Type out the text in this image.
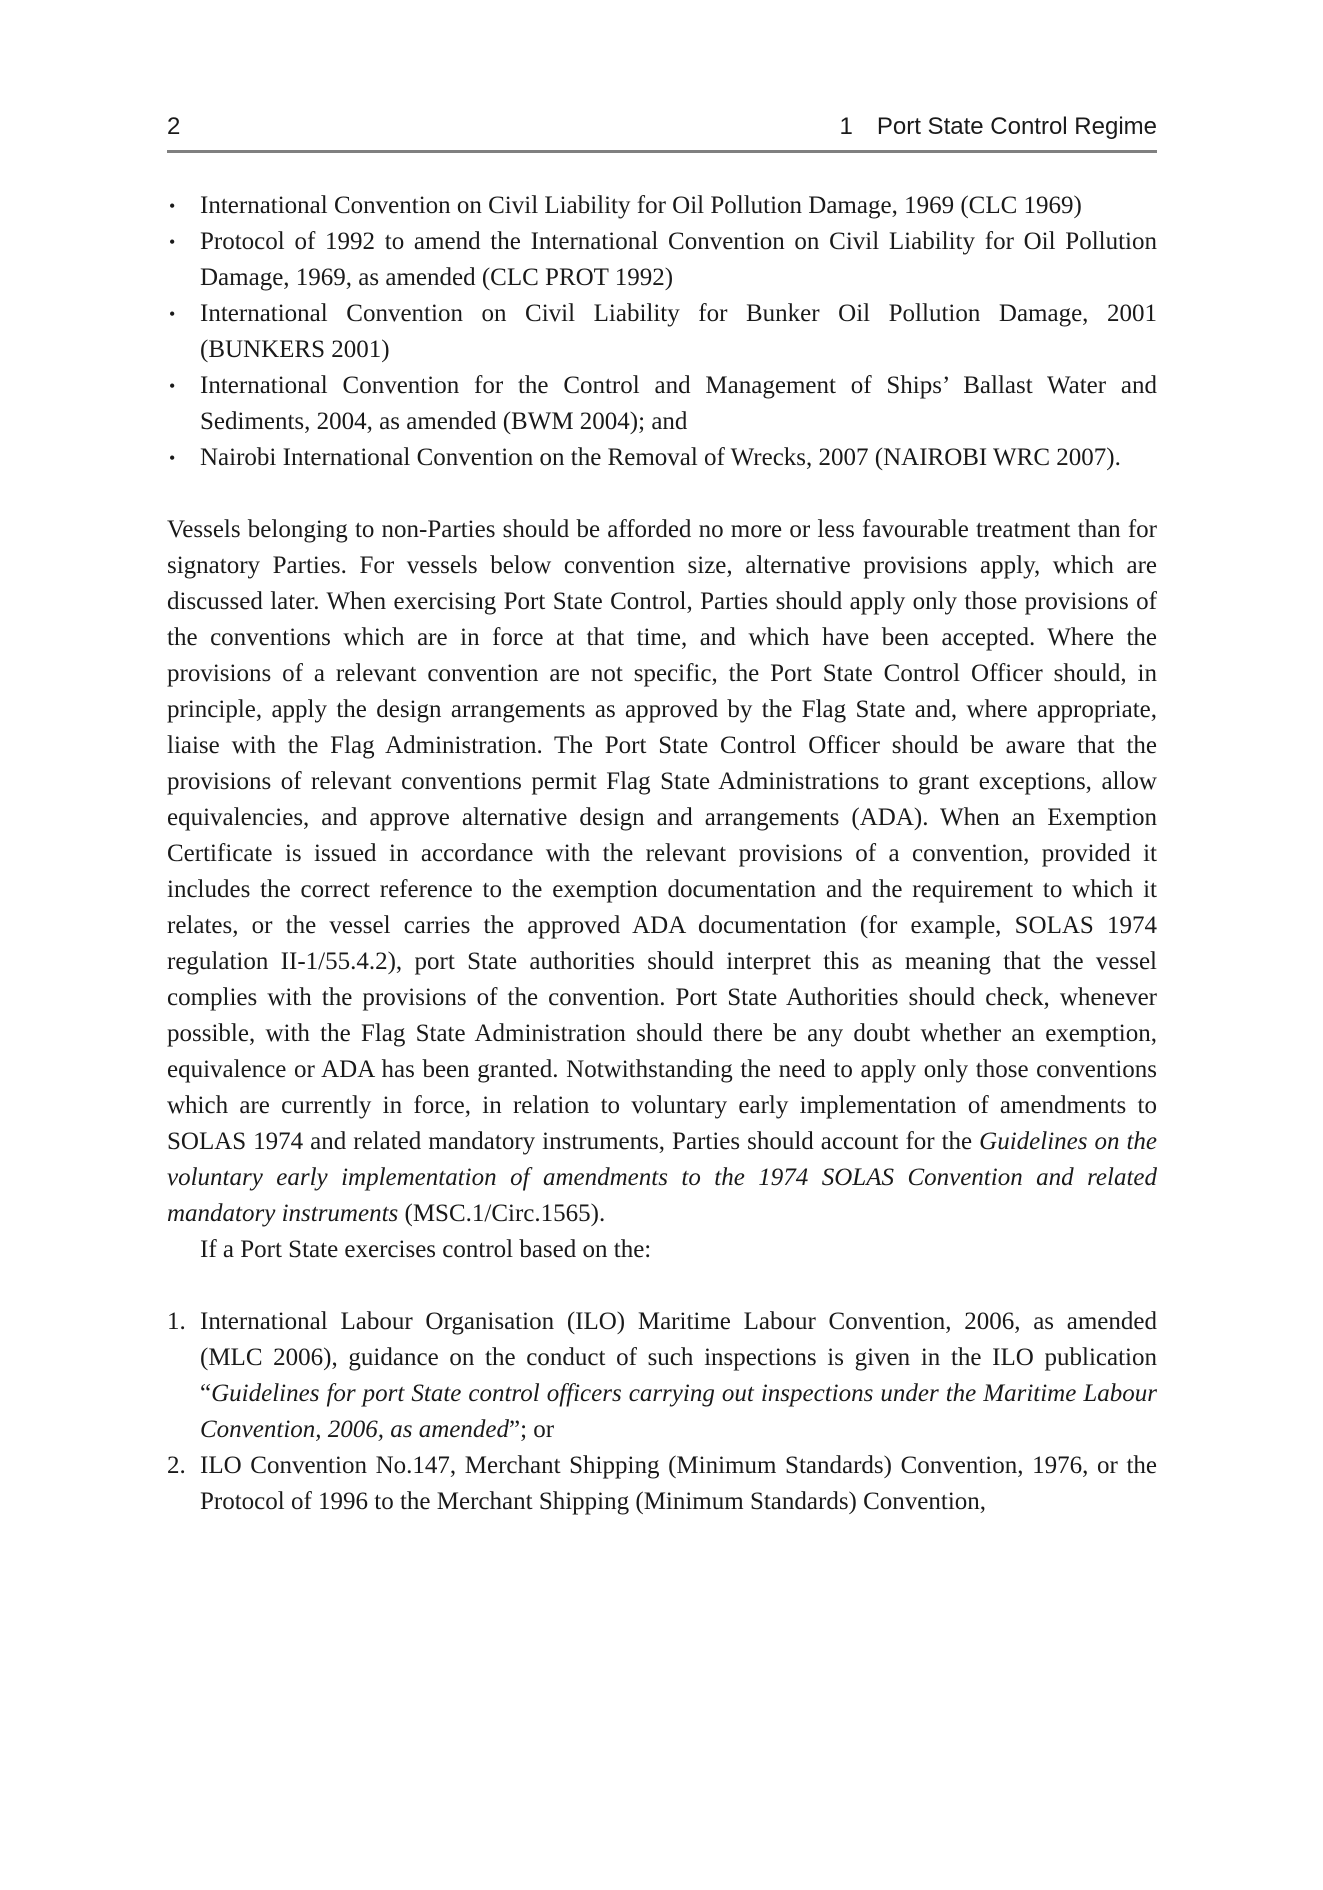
2	1 Port State Control Regime
• International Convention on Civil Liability for Oil Pollution Damage, 1969 (CLC 1969)
• Protocol of 1992 to amend the International Convention on Civil Liability for Oil Pollution Damage, 1969, as amended (CLC PROT 1992)
• International Convention on Civil Liability for Bunker Oil Pollution Damage, 2001 (BUNKERS 2001)
• International Convention for the Control and Management of Ships’ Ballast Water and Sediments, 2004, as amended (BWM 2004); and
• Nairobi International Convention on the Removal of Wrecks, 2007 (NAIROBI WRC 2007).

Vessels belonging to non-Parties should be afforded no more or less favourable treatment than for signatory Parties. For vessels below convention size, alternative provisions apply, which are discussed later. When exercising Port State Control, Parties should apply only those provisions of the conventions which are in force at that time, and which have been accepted. Where the provisions of a relevant convention are not specific, the Port State Control Officer should, in principle, apply the design arrangements as approved by the Flag State and, where appropriate, liaise with the Flag Administration. The Port State Control Officer should be aware that the provisions of relevant conventions permit Flag State Administrations to grant exceptions, allow equivalencies, and approve alternative design and arrangements (ADA). When an Exemption Certificate is issued in accordance with the relevant provisions of a convention, provided it includes the correct reference to the exemption documentation and the requirement to which it relates, or the vessel carries the approved ADA documentation (for example, SOLAS 1974 regulation II-1/55.4.2), port State authorities should interpret this as meaning that the vessel complies with the provisions of the convention. Port State Authorities should check, whenever possible, with the Flag State Administration should there be any doubt whether an exemption, equivalence or ADA has been granted. Notwithstanding the need to apply only those conventions which are currently in force, in relation to voluntary early implementation of amendments to SOLAS 1974 and related mandatory instruments, Parties should account for the Guidelines on the voluntary early implementation of amendments to the 1974 SOLAS Convention and related mandatory instruments (MSC.1/Circ.1565).

If a Port State exercises control based on the:

1. International Labour Organisation (ILO) Maritime Labour Convention, 2006, as amended (MLC 2006), guidance on the conduct of such inspections is given in the ILO publication “Guidelines for port State control officers carrying out inspections under the Maritime Labour Convention, 2006, as amended”; or
2. ILO Convention No.147, Merchant Shipping (Minimum Standards) Convention, 1976, or the Protocol of 1996 to the Merchant Shipping (Minimum Standards) Convention,
